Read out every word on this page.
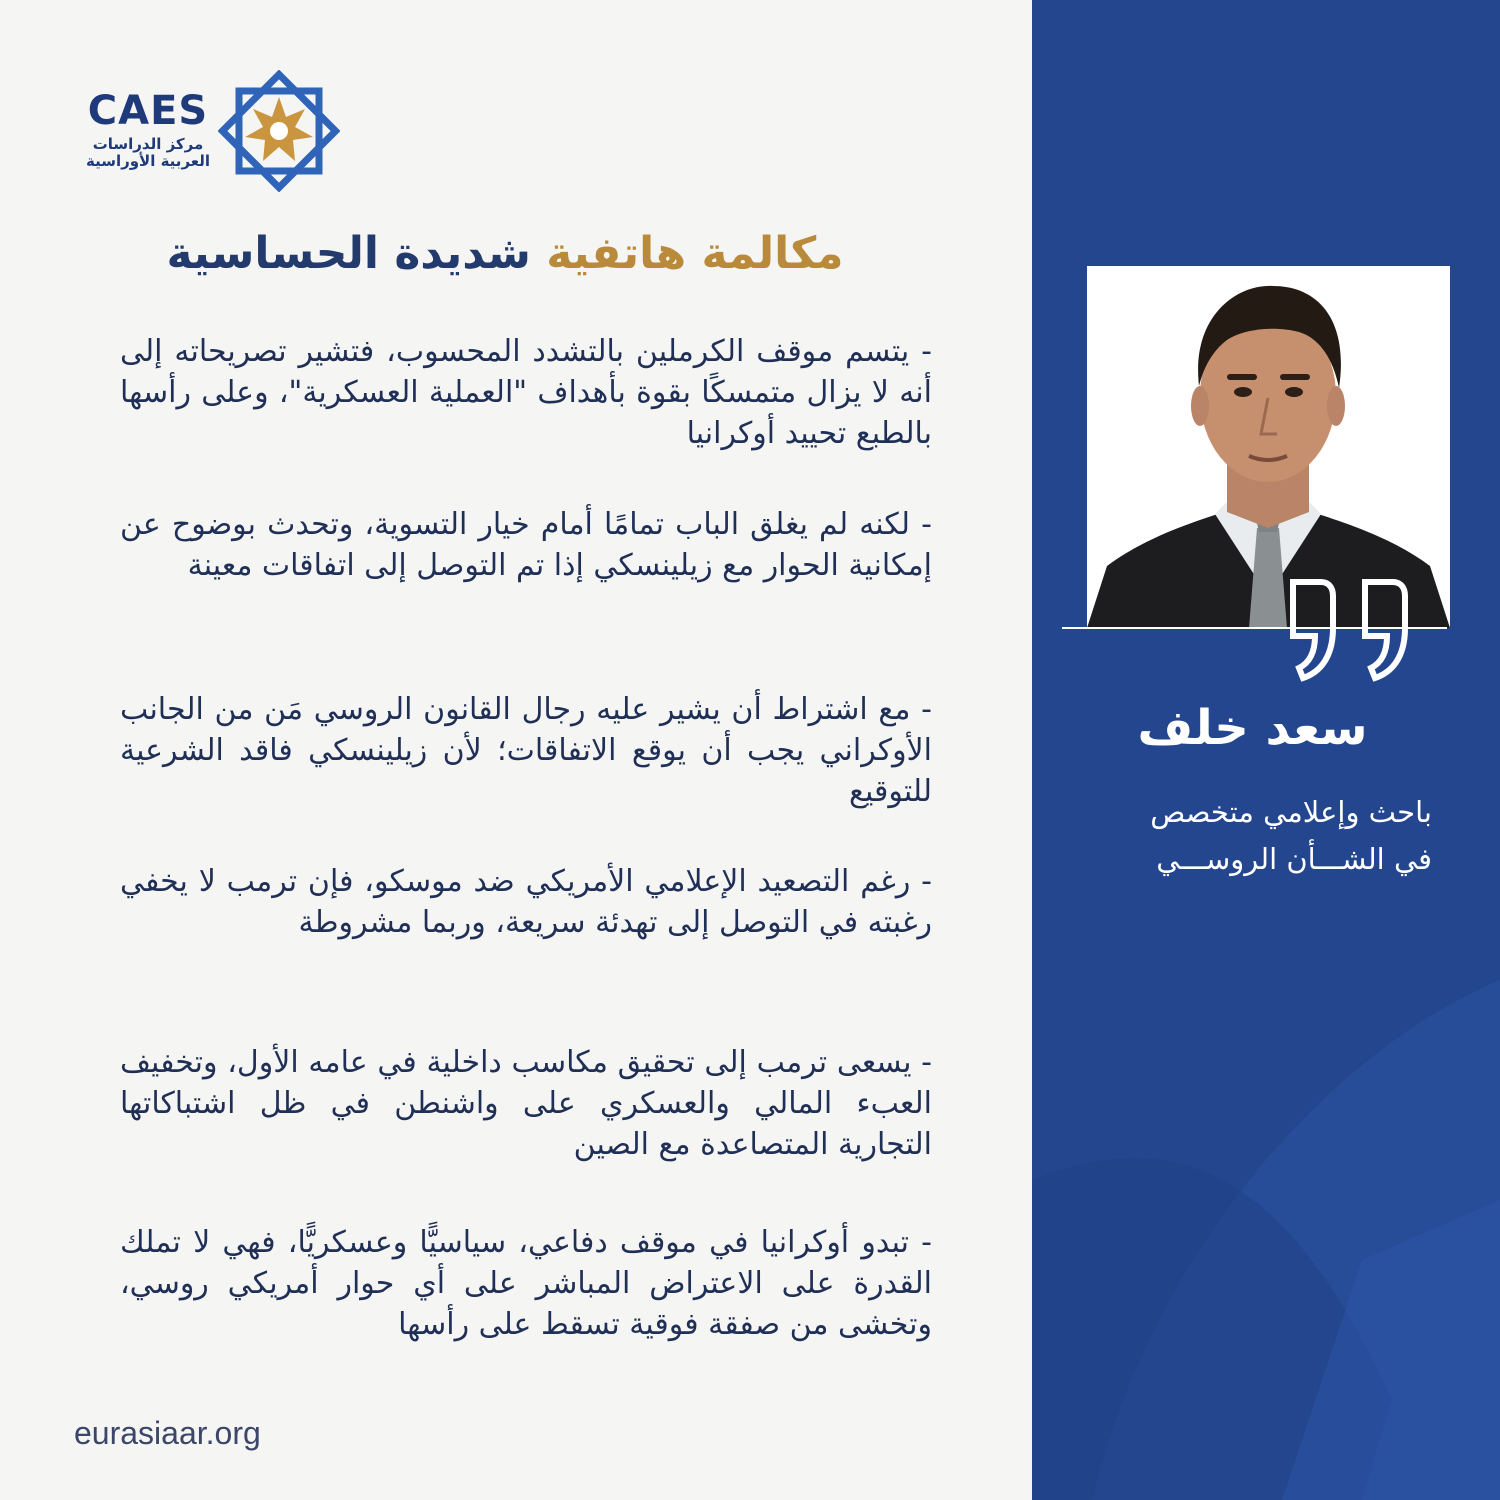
CAES
مركز الدراسات
العربية الأوراسية
مكالمة هاتفية شديدة الحساسية
- يتسم موقف الكرملين بالتشدد المحسوب، فتشير تصريحاته إلى أنه لا يزال متمسكًا بقوة بأهداف "العملية العسكرية"، وعلى رأسها بالطبع تحييد أوكرانيا
- لكنه لم يغلق الباب تمامًا أمام خيار التسوية، وتحدث بوضوح عن إمكانية الحوار مع زيلينسكي إذا تم التوصل إلى اتفاقات معينة
- مع اشتراط أن يشير عليه رجال القانون الروسي مَن من الجانب الأوكراني يجب أن يوقع الاتفاقات؛ لأن زيلينسكي فاقد الشرعية للتوقيع
- رغم التصعيد الإعلامي الأمريكي ضد موسكو، فإن ترمب لا يخفي رغبته في التوصل إلى تهدئة سريعة، وربما مشروطة
- يسعى ترمب إلى تحقيق مكاسب داخلية في عامه الأول، وتخفيف العبء المالي والعسكري على واشنطن في ظل اشتباكاتها التجارية المتصاعدة مع الصين
- تبدو أوكرانيا في موقف دفاعي، سياسيًّا وعسكريًّا، فهي لا تملك القدرة على الاعتراض المباشر على أي حوار أمريكي روسي، وتخشى من صفقة فوقية تسقط على رأسها
eurasiaar.org
سعد خلف
باحث وإعلامي متخصص
في الشـــأن الروســـي
